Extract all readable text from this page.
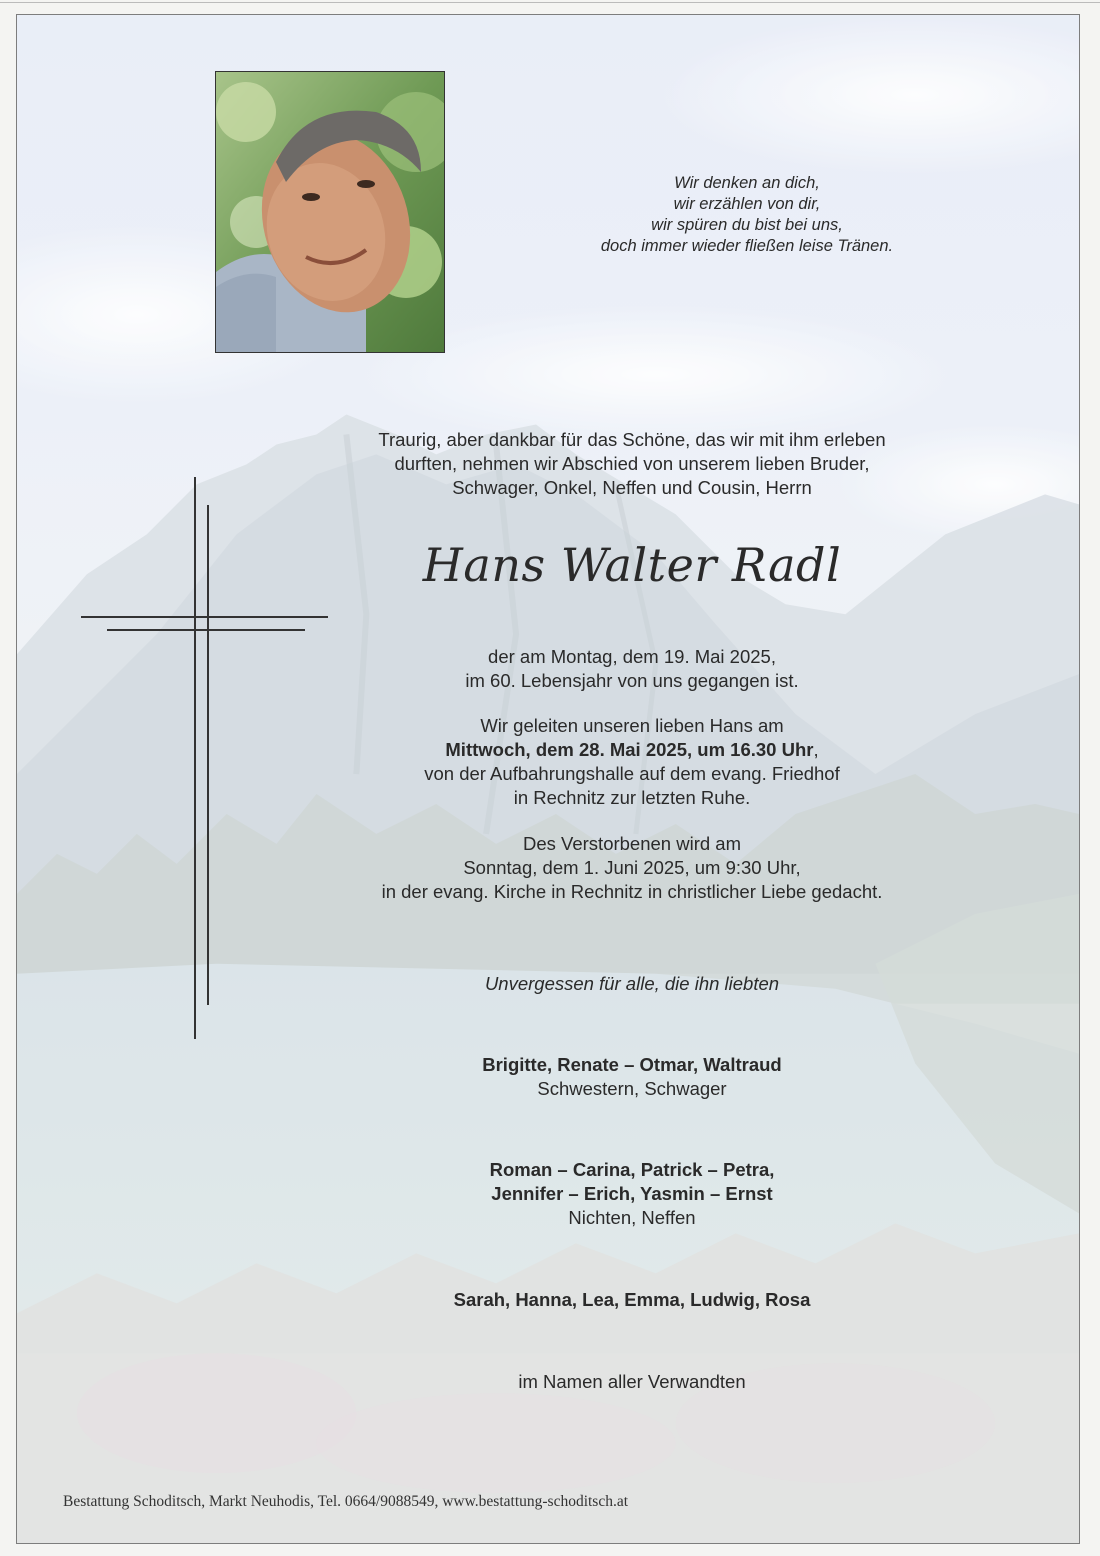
Wir denken an dich,
wir erzählen von dir,
wir spüren du bist bei uns,
doch immer wieder fließen leise Tränen.
Traurig, aber dankbar für das Schöne, das wir mit ihm erleben
durften, nehmen wir Abschied von unserem lieben Bruder,
Schwager, Onkel, Neffen und Cousin, Herrn
Hans Walter Radl
der am Montag, dem 19. Mai 2025,
im 60. Lebensjahr von uns gegangen ist.
Wir geleiten unseren lieben Hans am
Mittwoch, dem 28. Mai 2025, um 16.30 Uhr,
von der Aufbahrungshalle auf dem evang. Friedhof
in Rechnitz zur letzten Ruhe.
Des Verstorbenen wird am
Sonntag, dem 1. Juni 2025, um 9:30 Uhr,
in der evang. Kirche in Rechnitz in christlicher Liebe gedacht.
Unvergessen für alle, die ihn liebten
Brigitte, Renate – Otmar, Waltraud
Schwestern, Schwager
Roman – Carina, Patrick – Petra,
Jennifer – Erich, Yasmin – Ernst
Nichten, Neffen
Sarah, Hanna, Lea, Emma, Ludwig, Rosa
im Namen aller Verwandten
Bestattung Schoditsch, Markt Neuhodis, Tel. 0664/9088549, www.bestattung-schoditsch.at
